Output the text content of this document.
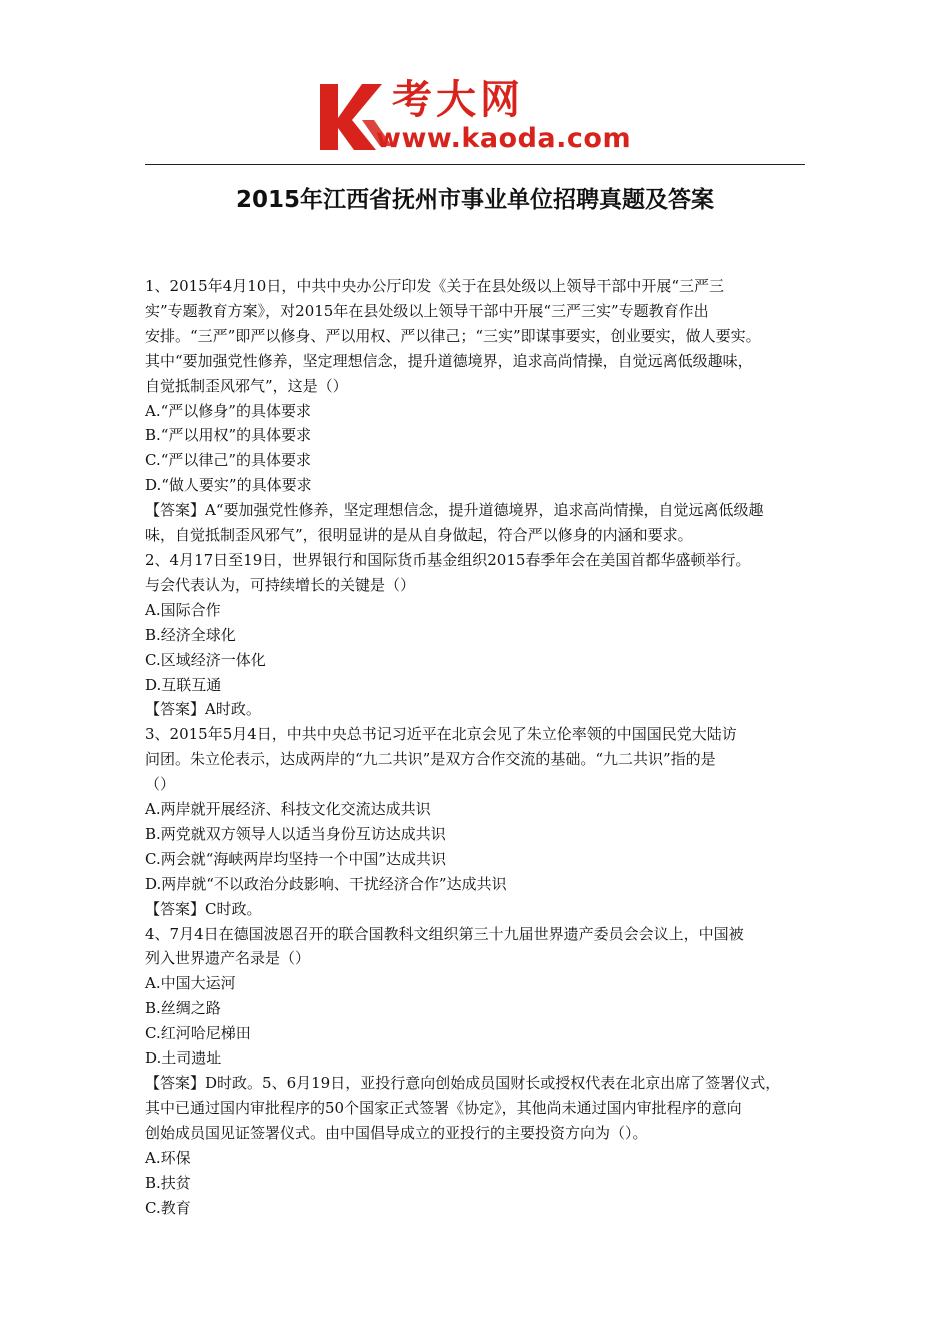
考大网
www.kaoda.com
2015年江西省抚州市事业单位招聘真题及答案

1、2015年4月10日，中共中央办公厅印发《关于在县处级以上领导干部中开展“三严三

实”专题教育方案》，对2015年在县处级以上领导干部中开展“三严三实”专题教育作出

安排。“三严”即严以修身、严以用权、严以律己；“三实”即谋事要实，创业要实，做人要实。

其中“要加强党性修养，坚定理想信念，提升道德境界，追求高尚情操，自觉远离低级趣味，

自觉抵制歪风邪气”，这是（）

A.“严以修身”的具体要求

B.“严以用权”的具体要求

C.“严以律己”的具体要求

D.“做人要实”的具体要求

【答案】A“要加强党性修养，坚定理想信念，提升道德境界，追求高尚情操，自觉远离低级趣

味，自觉抵制歪风邪气”，很明显讲的是从自身做起，符合严以修身的内涵和要求。

2、4月17日至19日，世界银行和国际货币基金组织2015春季年会在美国首都华盛顿举行。

与会代表认为，可持续增长的关键是（）

A.国际合作

B.经济全球化

C.区域经济一体化

D.互联互通

【答案】A时政。

3、2015年5月4日，中共中央总书记习近平在北京会见了朱立伦率领的中国国民党大陆访

问团。朱立伦表示，达成两岸的“九二共识”是双方合作交流的基础。“九二共识”指的是

（）

A.两岸就开展经济、科技文化交流达成共识

B.两党就双方领导人以适当身份互访达成共识

C.两会就“海峡两岸均坚持一个中国”达成共识

D.两岸就“不以政治分歧影响、干扰经济合作”达成共识

【答案】C时政。

4、7月4日在德国波恩召开的联合国教科文组织第三十九届世界遗产委员会会议上，中国被

列入世界遗产名录是（）

A.中国大运河

B.丝绸之路

C.红河哈尼梯田

D.土司遗址

【答案】D时政。5、6月19日，亚投行意向创始成员国财长或授权代表在北京出席了签署仪式，

其中已通过国内审批程序的50个国家正式签署《协定》，其他尚未通过国内审批程序的意向

创始成员国见证签署仪式。由中国倡导成立的亚投行的主要投资方向为（）。

A.环保

B.扶贫

C.教育
